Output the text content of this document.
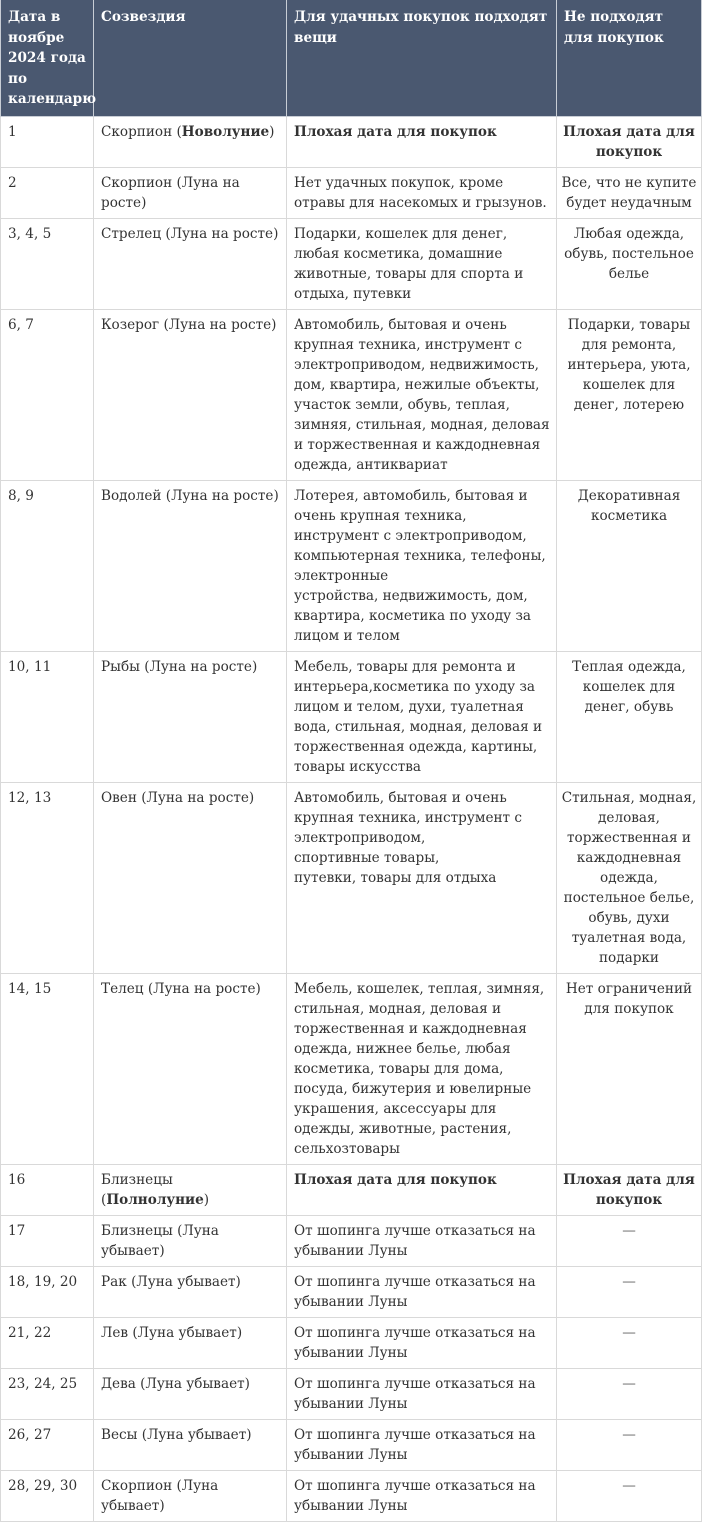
Дата в ноябре 2024 года по календарю	Созвездия	Для удачных покупок подходят вещи	Не подходят для покупок
1	Скорпион (Новолуние)	Плохая дата для покупок	Плохая дата для покупок
2	Скорпион (Луна на росте)	Нет удачных покупок, кроме отравы для насекомых и грызунов.	Все, что не купите будет неудачным
3, 4, 5	Стрелец (Луна на росте)	Подарки, кошелек для денег, любая косметика, домашние животные, товары для спорта и отдыха, путевки	Любая одежда, обувь, постельное белье
6, 7	Козерог (Луна на росте)	Автомобиль, бытовая и очень крупная техника, инструмент с электроприводом, недвижимость, дом, квартира, нежилые объекты, участок земли, обувь, теплая, зимняя, стильная, модная, деловая и торжественная и каждодневная одежда, антиквариат	Подарки, товары для ремонта, интерьера, уюта, кошелек для денег, лотерею
8, 9	Водолей (Луна на росте)	Лотерея, автомобиль, бытовая и очень крупная техника, инструмент с электроприводом, компьютерная техника, телефоны, электронные
устройства, недвижимость, дом, квартира, косметика по уходу за лицом и телом	Декоративная косметика
10, 11	Рыбы (Луна на росте)	Мебель, товары для ремонта и интерьера,косметика по уходу за лицом и телом, духи, туалетная вода, стильная, модная, деловая и торжественная одежда, картины, товары искусства	Теплая одежда, кошелек для денег, обувь
12, 13	Овен (Луна на росте)	Автомобиль, бытовая и очень крупная техника, инструмент с электроприводом,
спортивные товары,
путевки, товары для отдыха	Стильная, модная, деловая, торжественная и каждодневная одежда, постельное белье, обувь, духи туалетная вода, подарки
14, 15	Телец (Луна на росте)	Мебель, кошелек, теплая, зимняя, стильная, модная, деловая и торжественная и каждодневная одежда, нижнее белье, любая косметика, товары для дома, посуда, бижутерия и ювелирные украшения, аксессуары для одежды, животные, растения, сельхозтовары	Нет ограничений для покупок
16	Близнецы (Полнолуние)	Плохая дата для покупок	Плохая дата для покупок
17	Близнецы (Луна убывает)	От шопинга лучше отказаться на убывании Луны	—
18, 19, 20	Рак (Луна убывает)	От шопинга лучше отказаться на убывании Луны	—
21, 22	Лев (Луна убывает)	От шопинга лучше отказаться на убывании Луны	—
23, 24, 25	Дева (Луна убывает)	От шопинга лучше отказаться на убывании Луны	—
26, 27	Весы (Луна убывает)	От шопинга лучше отказаться на убывании Луны	—
28, 29, 30	Скорпион (Луна убывает)	От шопинга лучше отказаться на убывании Луны	—
